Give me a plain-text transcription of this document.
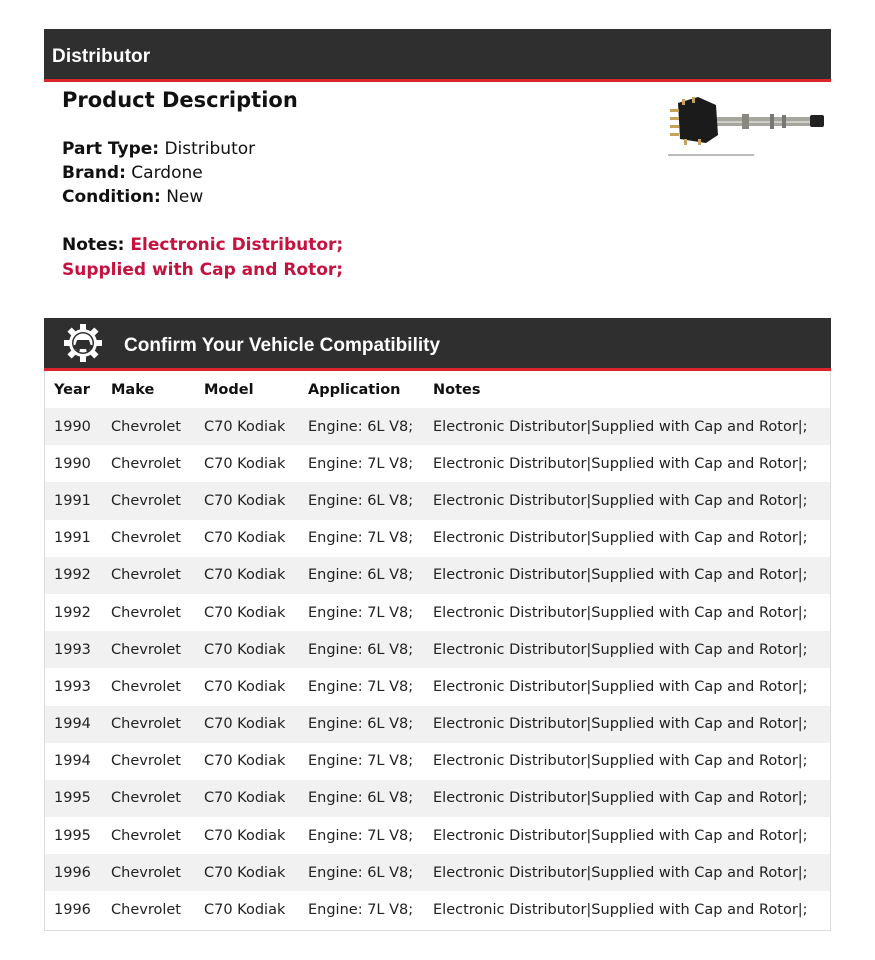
Distributor
Product Description
Part Type: Distributor
Brand: Cardone
Condition: New
Notes: Electronic Distributor; Supplied with Cap and Rotor;
Confirm Your Vehicle Compatibility
Year	Make	Model	Application	Notes
1990	Chevrolet	C70 Kodiak	Engine: 6L V8;	Electronic Distributor|Supplied with Cap and Rotor|;
1990	Chevrolet	C70 Kodiak	Engine: 7L V8;	Electronic Distributor|Supplied with Cap and Rotor|;
1991	Chevrolet	C70 Kodiak	Engine: 6L V8;	Electronic Distributor|Supplied with Cap and Rotor|;
1991	Chevrolet	C70 Kodiak	Engine: 7L V8;	Electronic Distributor|Supplied with Cap and Rotor|;
1992	Chevrolet	C70 Kodiak	Engine: 6L V8;	Electronic Distributor|Supplied with Cap and Rotor|;
1992	Chevrolet	C70 Kodiak	Engine: 7L V8;	Electronic Distributor|Supplied with Cap and Rotor|;
1993	Chevrolet	C70 Kodiak	Engine: 6L V8;	Electronic Distributor|Supplied with Cap and Rotor|;
1993	Chevrolet	C70 Kodiak	Engine: 7L V8;	Electronic Distributor|Supplied with Cap and Rotor|;
1994	Chevrolet	C70 Kodiak	Engine: 6L V8;	Electronic Distributor|Supplied with Cap and Rotor|;
1994	Chevrolet	C70 Kodiak	Engine: 7L V8;	Electronic Distributor|Supplied with Cap and Rotor|;
1995	Chevrolet	C70 Kodiak	Engine: 6L V8;	Electronic Distributor|Supplied with Cap and Rotor|;
1995	Chevrolet	C70 Kodiak	Engine: 7L V8;	Electronic Distributor|Supplied with Cap and Rotor|;
1996	Chevrolet	C70 Kodiak	Engine: 6L V8;	Electronic Distributor|Supplied with Cap and Rotor|;
1996	Chevrolet	C70 Kodiak	Engine: 7L V8;	Electronic Distributor|Supplied with Cap and Rotor|;
